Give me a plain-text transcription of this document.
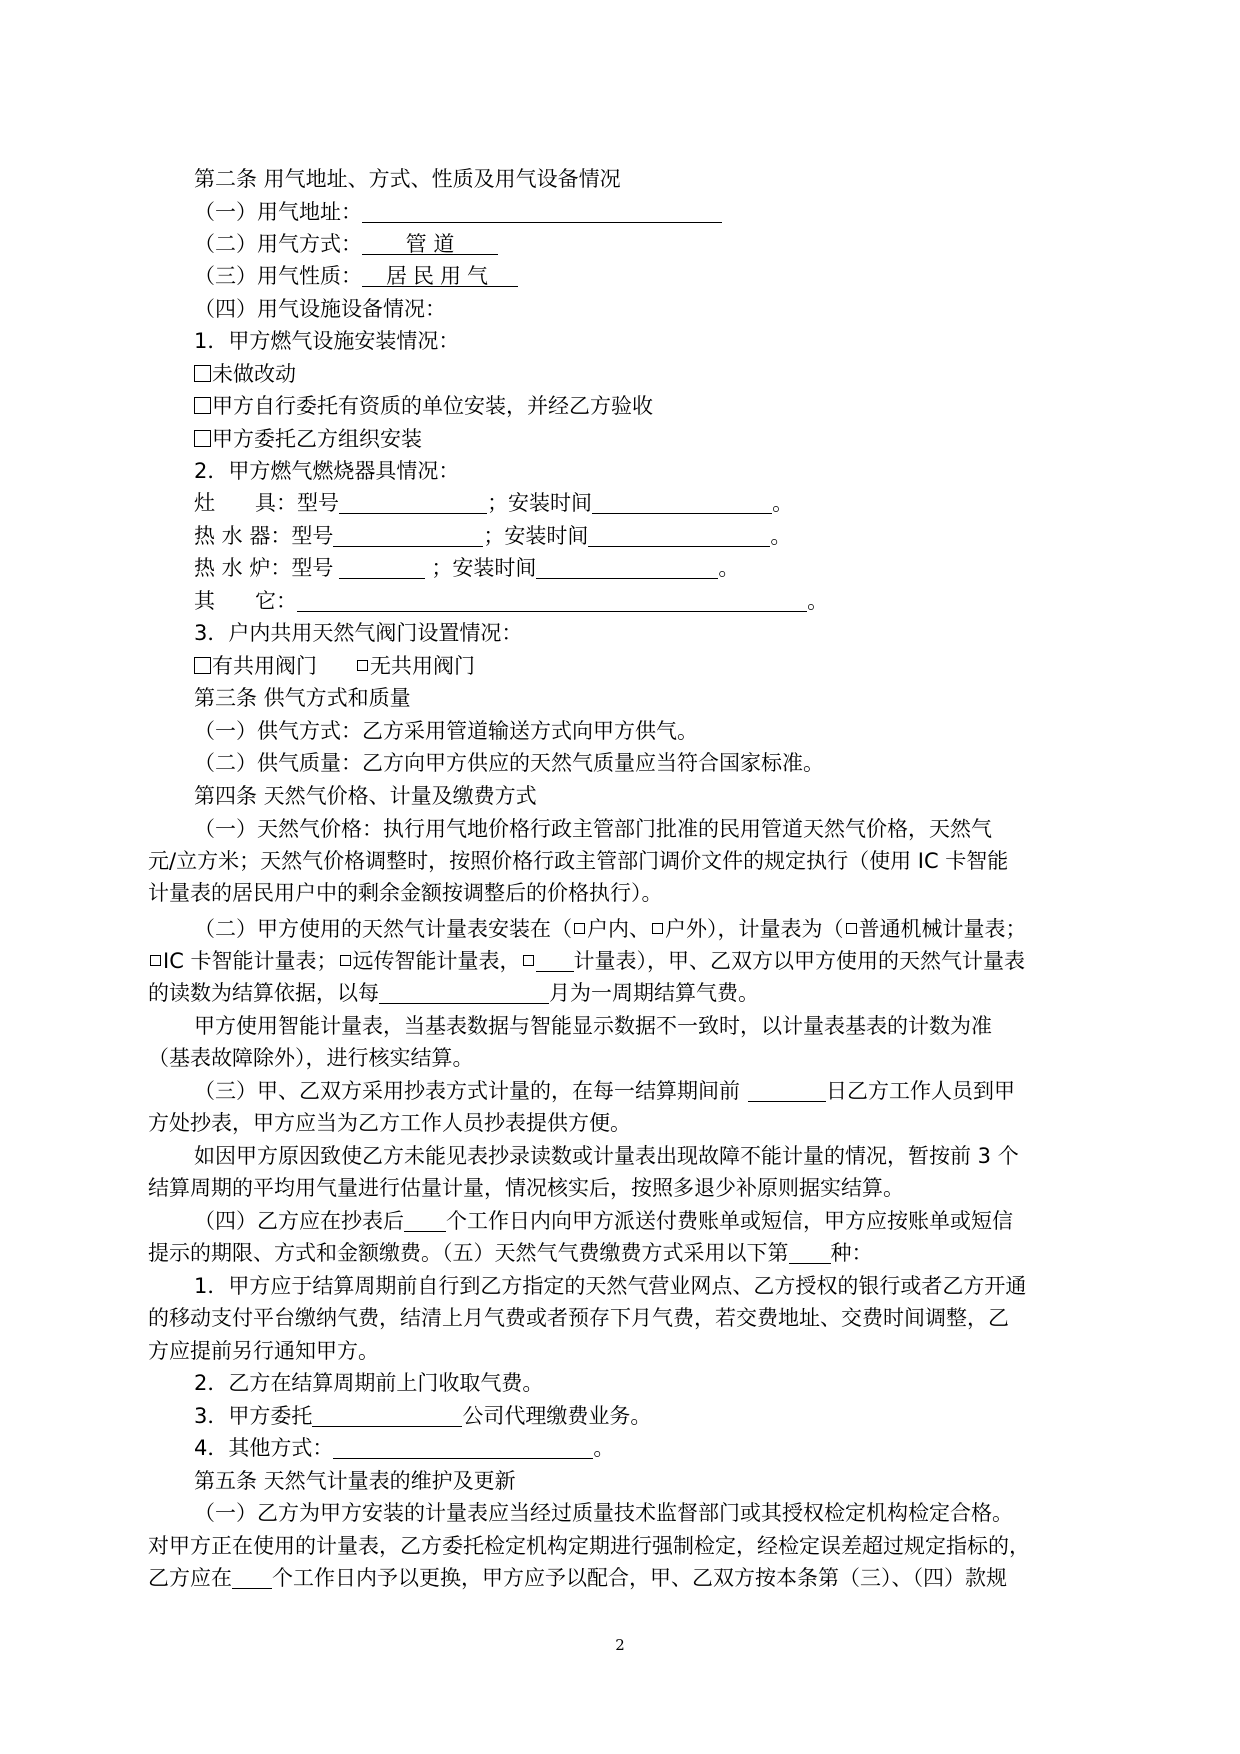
第二条 用气地址、方式、性质及用气设备情况
（一）用气地址：
（二）用气方式： 管 道
（三）用气性质： 居民用气
（四）用气设施设备情况：
1．甲方燃气设施安装情况：
未做改动
甲方自行委托有资质的单位安装，并经乙方验收
甲方委托乙方组织安装
2．甲方燃气燃烧器具情况：
灶      具：型号	；安装时间	。
热 水 器：型号	；安装时间	。
热 水 炉：型号	；安装时间	。
其      它：	。
3．户内共用天然气阀门设置情况：
有共用阀门	无共用阀门
第三条 供气方式和质量
（一）供气方式：乙方采用管道输送方式向甲方供气。
（二）供气质量：乙方向甲方供应的天然气质量应当符合国家标准。
第四条 天然气价格、计量及缴费方式
（一）天然气价格：执行用气地价格行政主管部门批准的民用管道天然气价格，天然气
元/立方米；天然气价格调整时，按照价格行政主管部门调价文件的规定执行（使用 IC 卡智能
计量表的居民用户中的剩余金额按调整后的价格执行）。
（二）甲方使用的天然气计量表安装在（ 户内、 户外），计量表为（ 普通机械计量表；
IC 卡智能计量表； 远传智能计量表，	计量表），甲、乙双方以甲方使用的天然气计量表
的读数为结算依据，以每	月为一周期结算气费。
甲方使用智能计量表，当基表数据与智能显示数据不一致时，以计量表基表的计数为准
（基表故障除外），进行核实结算。
（三）甲、乙双方采用抄表方式计量的，在每一结算期间前	日乙方工作人员到甲
方处抄表，甲方应当为乙方工作人员抄表提供方便。
如因甲方原因致使乙方未能见表抄录读数或计量表出现故障不能计量的情况，暂按前 3 个
结算周期的平均用气量进行估量计量，情况核实后，按照多退少补原则据实结算。
（四）乙方应在抄表后 个工作日内向甲方派送付费账单或短信，甲方应按账单或短信
提示的期限、方式和金额缴费。（五）天然气气费缴费方式采用以下第 种：
1．甲方应于结算周期前自行到乙方指定的天然气营业网点、乙方授权的银行或者乙方开通
的移动支付平台缴纳气费，结清上月气费或者预存下月气费，若交费地址、交费时间调整，乙
方应提前另行通知甲方。
2．乙方在结算周期前上门收取气费。
3．甲方委托	公司代理缴费业务。
4．其他方式：	。
第五条 天然气计量表的维护及更新
（一）乙方为甲方安装的计量表应当经过质量技术监督部门或其授权检定机构检定合格。
对甲方正在使用的计量表，乙方委托检定机构定期进行强制检定，经检定误差超过规定指标的，
乙方应在 个工作日内予以更换，甲方应予以配合，甲、乙双方按本条第（三）、（四）款规
2
